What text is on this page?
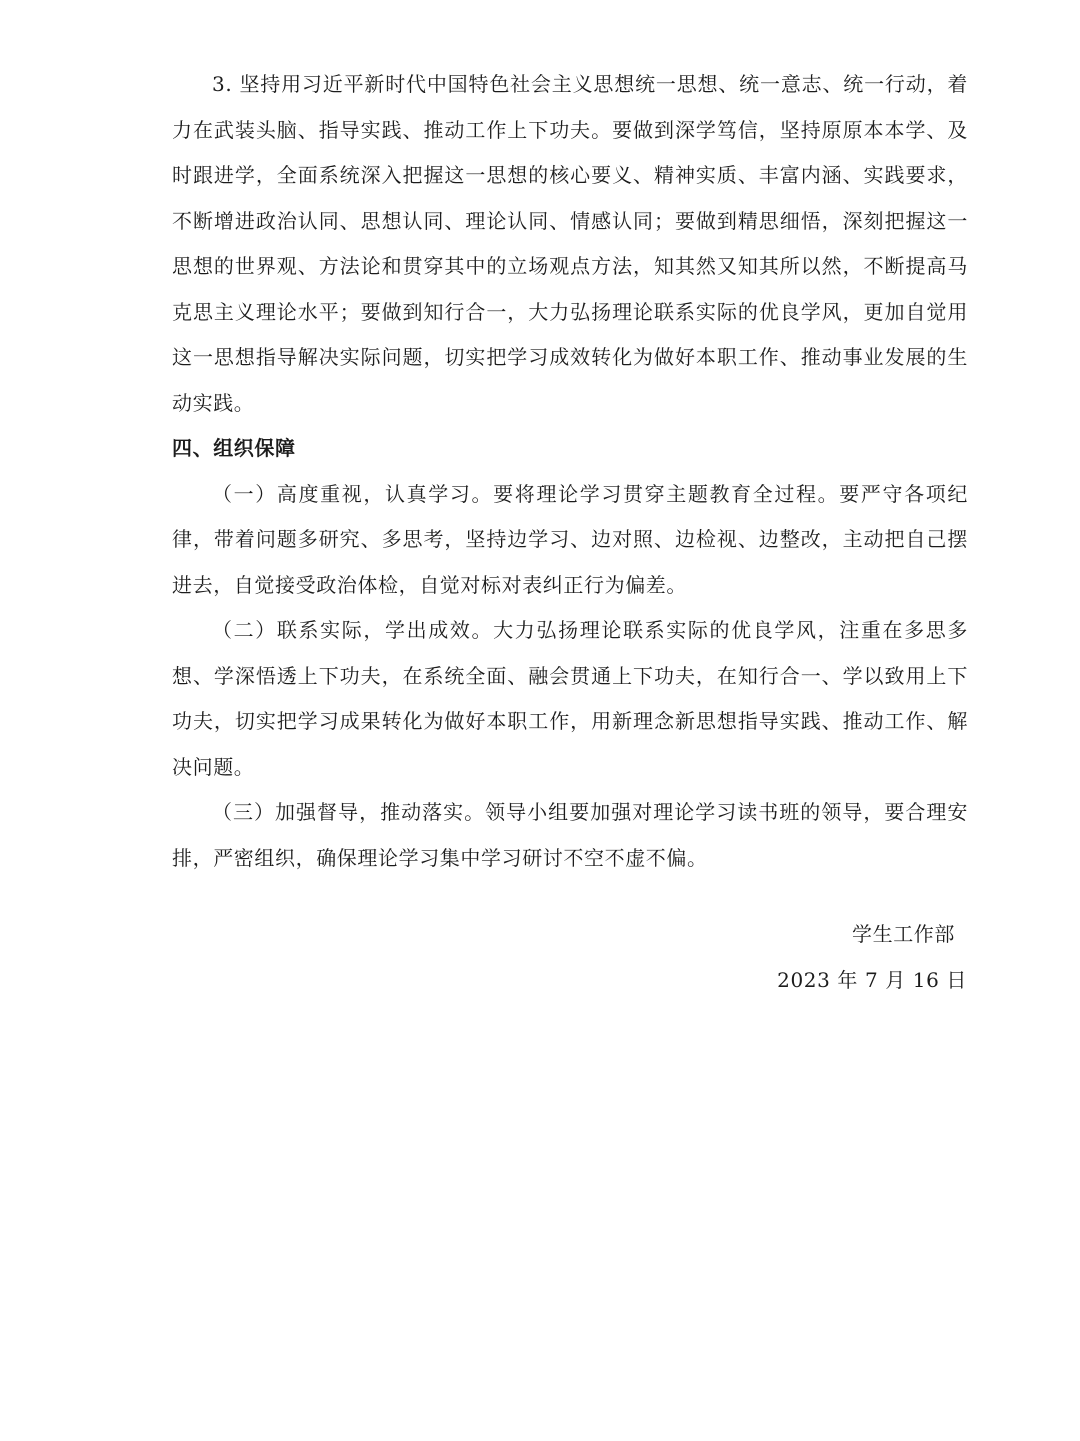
3. 坚持用习近平新时代中国特色社会主义思想统一思想、统一意志、统一行动，着力在武装头脑、指导实践、推动工作上下功夫。要做到深学笃信，坚持原原本本学、及时跟进学，全面系统深入把握这一思想的核心要义、精神实质、丰富内涵、实践要求，不断增进政治认同、思想认同、理论认同、情感认同；要做到精思细悟，深刻把握这一思想的世界观、方法论和贯穿其中的立场观点方法，知其然又知其所以然，不断提高马克思主义理论水平；要做到知行合一，大力弘扬理论联系实际的优良学风，更加自觉用这一思想指导解决实际问题，切实把学习成效转化为做好本职工作、推动事业发展的生动实践。

四、组织保障

（一）高度重视，认真学习。要将理论学习贯穿主题教育全过程。要严守各项纪律，带着问题多研究、多思考，坚持边学习、边对照、边检视、边整改，主动把自己摆进去，自觉接受政治体检，自觉对标对表纠正行为偏差。

（二）联系实际，学出成效。大力弘扬理论联系实际的优良学风，注重在多思多想、学深悟透上下功夫，在系统全面、融会贯通上下功夫，在知行合一、学以致用上下功夫，切实把学习成果转化为做好本职工作，用新理念新思想指导实践、推动工作、解决问题。

（三）加强督导，推动落实。领导小组要加强对理论学习读书班的领导，要合理安排，严密组织，确保理论学习集中学习研讨不空不虚不偏。

学生工作部

2023 年 7 月 16 日
